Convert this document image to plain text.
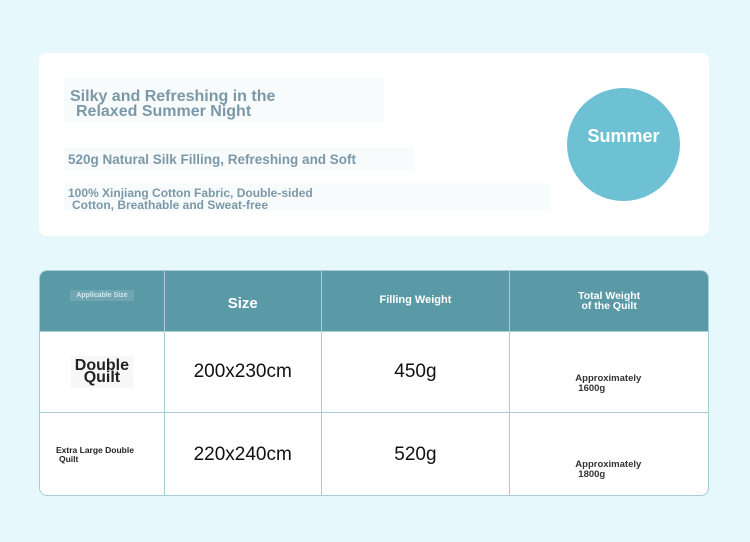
Silky and Refreshing in the
Relaxed Summer Night
520g Natural Silk Filling, Refreshing and Soft
100% Xinjiang Cotton Fabric, Double-sided
Cotton, Breathable and Sweat-free
Summer
Applicable Size	Size	Filling Weight	Total Weight
of the Quilt
Double
Quilt	200x230cm	450g	Approximately
1600g
Extra Large Double
Quilt	220x240cm	520g	Approximately
1800g
